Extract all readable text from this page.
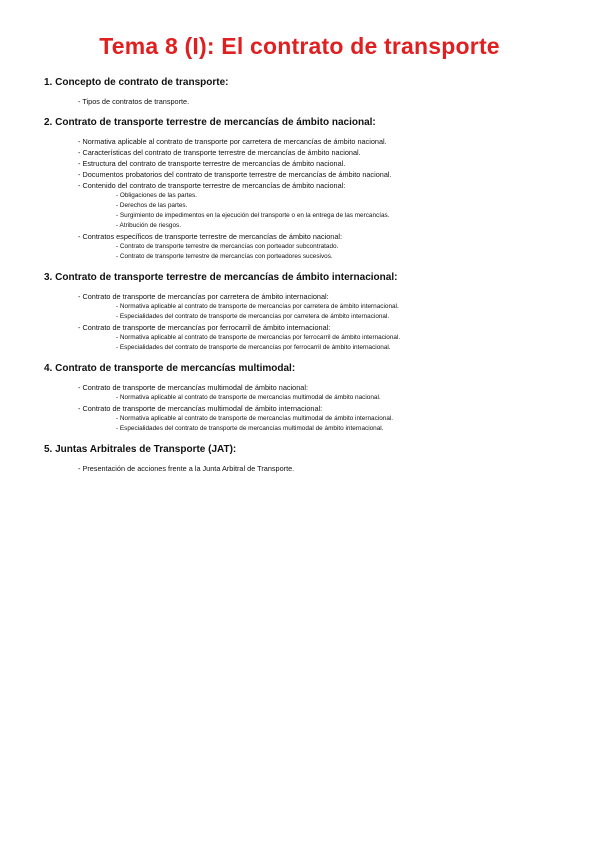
Tema 8 (I): El contrato de transporte
1. Concepto de contrato de transporte:
- Tipos de contratos de transporte.
2. Contrato de transporte terrestre de mercancías de ámbito nacional:
- Normativa aplicable al contrato de transporte por carretera de mercancías de ámbito nacional.
- Características del contrato de transporte terrestre de mercancías de ámbito nacional.
- Estructura del contrato de transporte terrestre de mercancías de ámbito nacional.
- Documentos probatorios del contrato de transporte terrestre de mercancías de ámbito nacional.
- Contenido del contrato de transporte terrestre de mercancías de ámbito nacional:
- Obligaciones de las partes.
- Derechos de las partes.
- Surgimiento de impedimentos en la ejecución del transporte o en la entrega de las mercancías.
- Atribución de riesgos.
- Contratos específicos de transporte terrestre de mercancías de ámbito nacional:
- Contrato de transporte terrestre de mercancías con porteador subcontratado.
- Contrato de transporte terrestre de mercancías con porteadores sucesivos.
3. Contrato de transporte terrestre de mercancías de ámbito internacional:
- Contrato de transporte de mercancías por carretera de ámbito internacional:
- Normativa aplicable al contrato de transporte de mercancías por carretera de ámbito internacional.
- Especialidades del contrato de transporte de mercancías por carretera de ámbito internacional.
- Contrato de transporte de mercancías por ferrocarril de ámbito internacional:
- Normativa aplicable al contrato de transporte de mercancías por ferrocarril de ámbito internacional.
- Especialidades del contrato de transporte de mercancías por ferrocarril de ámbito internacional.
4. Contrato de transporte de mercancías multimodal:
- Contrato de transporte de mercancías multimodal de ámbito nacional:
- Normativa aplicable al contrato de transporte de mercancías multimodal de ámbito nacional.
- Contrato de transporte de mercancías multimodal de ámbito internacional:
- Normativa aplicable al contrato de transporte de mercancías multimodal de ámbito internacional.
- Especialidades del contrato de transporte de mercancías multimodal de ámbito internacional.
5. Juntas Arbitrales de Transporte (JAT):
- Presentación de acciones frente a la Junta Arbitral de Transporte.
